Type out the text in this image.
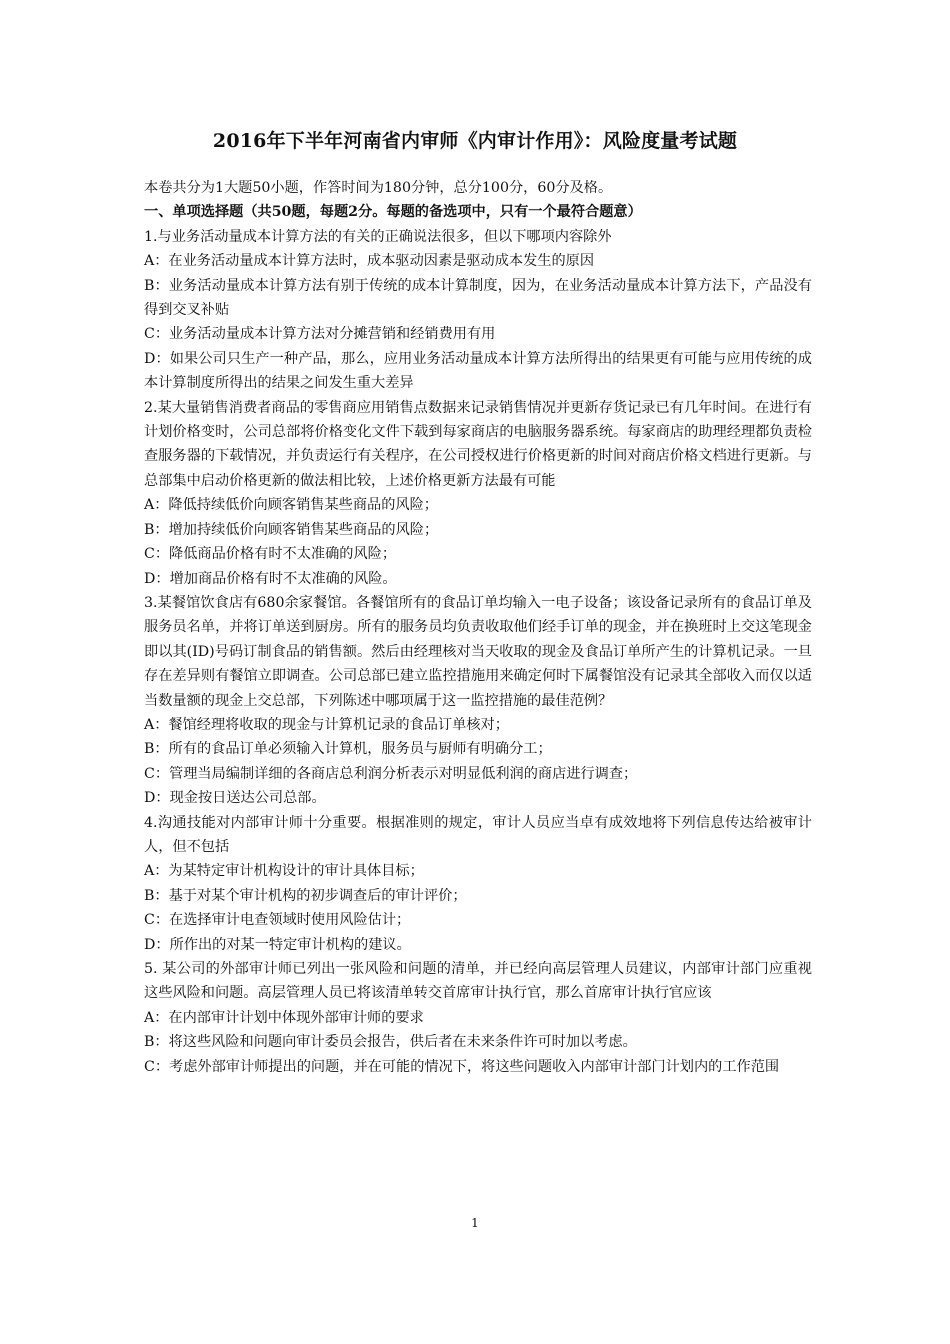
2016年下半年河南省内审师《内审计作用》：风险度量考试题

本卷共分为1大题50小题，作答时间为180分钟，总分100分，60分及格。

一、单项选择题（共50题，每题2分。每题的备选项中，只有一个最符合题意）

1.与业务活动量成本计算方法的有关的正确说法很多，但以下哪项内容除外

A：在业务活动量成本计算方法时，成本驱动因素是驱动成本发生的原因

B：业务活动量成本计算方法有别于传统的成本计算制度，因为，在业务活动量成本计算方法下，产品没有得到交叉补贴

C：业务活动量成本计算方法对分摊营销和经销费用有用

D：如果公司只生产一种产品，那么，应用业务活动量成本计算方法所得出的结果更有可能与应用传统的成本计算制度所得出的结果之间发生重大差异

2.某大量销售消费者商品的零售商应用销售点数据来记录销售情况并更新存货记录已有几年时间。在进行有计划价格变时，公司总部将价格变化文件下载到每家商店的电脑服务器系统。每家商店的助理经理都负责检查服务器的下载情况，并负责运行有关程序，在公司授权进行价格更新的时间对商店价格文档进行更新。与总部集中启动价格更新的做法相比较，上述价格更新方法最有可能

A：降低持续低价向顾客销售某些商品的风险；

B：增加持续低价向顾客销售某些商品的风险；

C：降低商品价格有时不太准确的风险；

D：增加商品价格有时不太准确的风险。

3.某餐馆饮食店有680余家餐馆。各餐馆所有的食品订单均输入一电子设备；该设备记录所有的食品订单及服务员名单，并将订单送到厨房。所有的服务员均负责收取他们经手订单的现金，并在换班时上交这笔现金即以其(ID)号码订制食品的销售额。然后由经理核对当天收取的现金及食品订单所产生的计算机记录。一旦存在差异则有餐馆立即调查。公司总部已建立监控措施用来确定何时下属餐馆没有记录其全部收入而仅以适当数量额的现金上交总部，下列陈述中哪项属于这一监控措施的最佳范例？

A：餐馆经理将收取的现金与计算机记录的食品订单核对；

B：所有的食品订单必须输入计算机，服务员与厨师有明确分工；

C：管理当局编制详细的各商店总利润分析表示对明显低利润的商店进行调查；

D：现金按日送达公司总部。

4.沟通技能对内部审计师十分重要。根据准则的规定，审计人员应当卓有成效地将下列信息传达给被审计人，但不包括

A：为某特定审计机构设计的审计具体目标；

B：基于对某个审计机构的初步调查后的审计评价；

C：在选择审计电查领域时使用风险估计；

D：所作出的对某一特定审计机构的建议。

5. 某公司的外部审计师已列出一张风险和问题的清单，并已经向高层管理人员建议，内部审计部门应重视这些风险和问题。高层管理人员已将该清单转交首席审计执行官，那么首席审计执行官应该

A：在内部审计计划中体现外部审计师的要求

B：将这些风险和问题向审计委员会报告，供后者在未来条件许可时加以考虑。

C：考虑外部审计师提出的问题，并在可能的情况下，将这些问题收入内部审计部门计划内的工作范围

1
